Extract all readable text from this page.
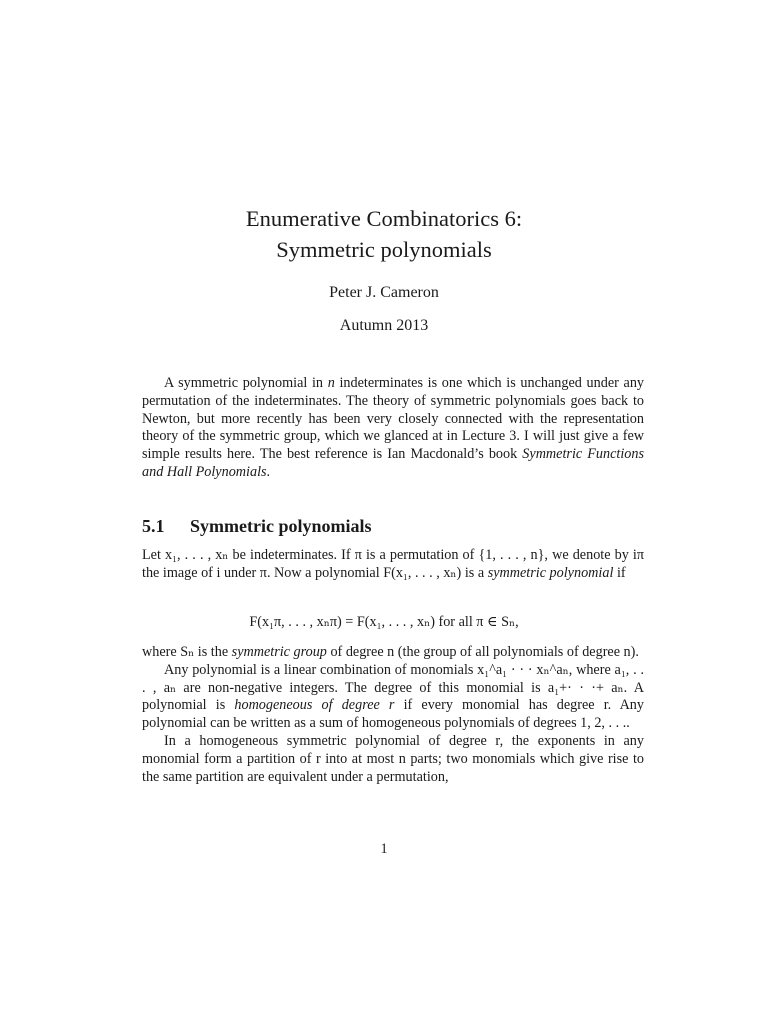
Enumerative Combinatorics 6:
Symmetric polynomials
Peter J. Cameron
Autumn 2013

A symmetric polynomial in n indeterminates is one which is unchanged under any permutation of the indeterminates. The theory of symmetric polynomials goes back to Newton, but more recently has been very closely connected with the representation theory of the symmetric group, which we glanced at in Lecture 3. I will just give a few simple results here. The best reference is Ian Macdonald’s book Symmetric Functions and Hall Polynomials.

5.1 Symmetric polynomials

Let x₁, . . . , xₙ be indeterminates. If π is a permutation of {1, . . . , n}, we denote by iπ the image of i under π. Now a polynomial F(x₁, . . . , xₙ) is a symmetric polynomial if

F(x₁π, . . . , xₙπ) = F(x₁, . . . , xₙ) for all π ∈ Sₙ,

where Sₙ is the symmetric group of degree n (the group of all polynomials of degree n).

Any polynomial is a linear combination of monomials x₁^a₁ · · · xₙ^aₙ, where a₁, . . . , aₙ are non-negative integers. The degree of this monomial is a₁+· · ·+ aₙ. A polynomial is homogeneous of degree r if every monomial has degree r. Any polynomial can be written as a sum of homogeneous polynomials of degrees 1, 2, . . ..

In a homogeneous symmetric polynomial of degree r, the exponents in any monomial form a partition of r into at most n parts; two monomials which give rise to the same partition are equivalent under a permutation,

1
